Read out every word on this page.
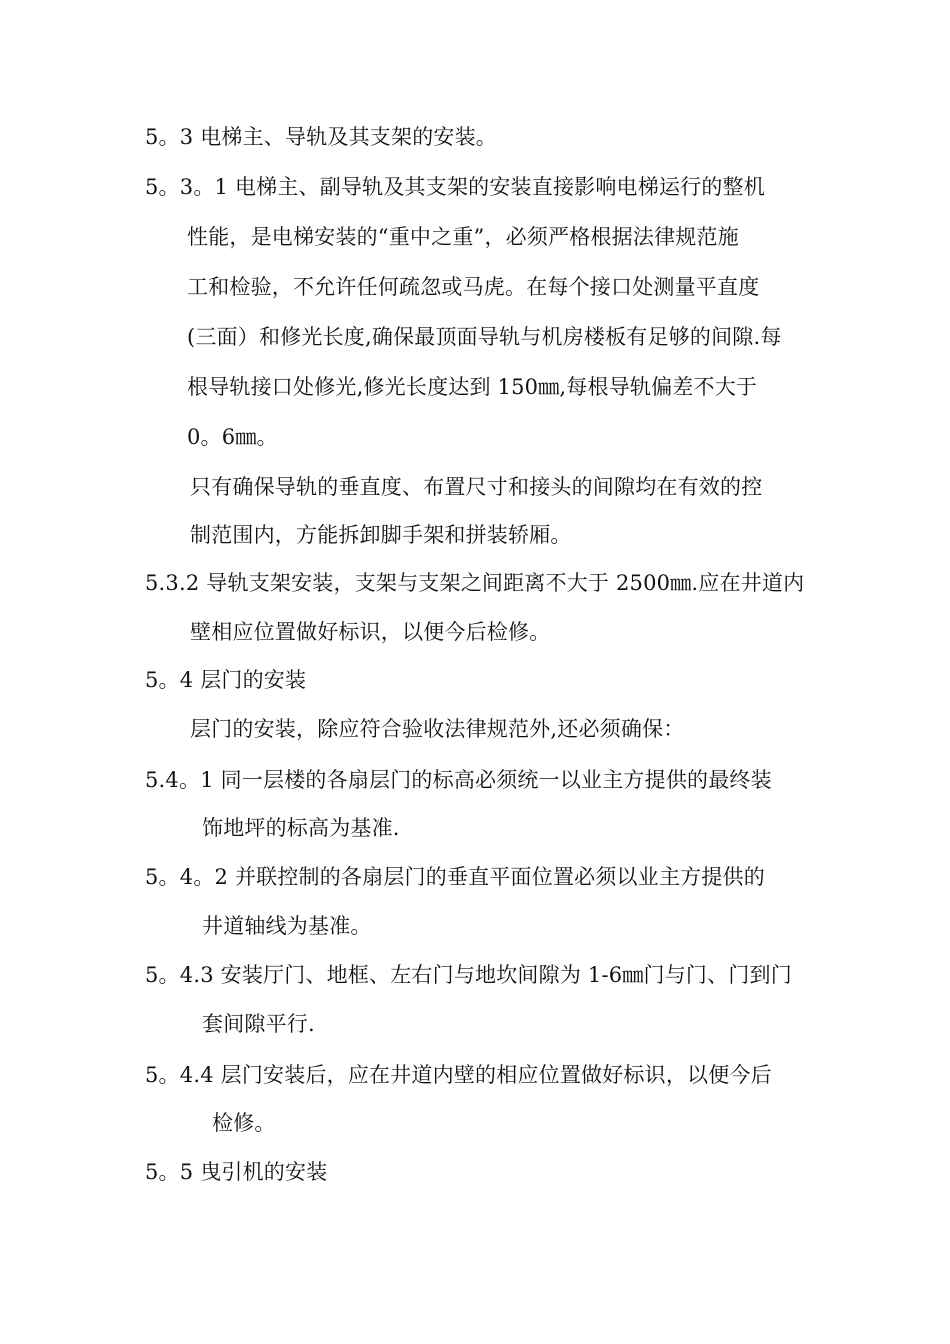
5。3 电梯主、导轨及其支架的安装。
5。3。1 电梯主、副导轨及其支架的安装直接影响电梯运行的整机
性能，是电梯安装的“重中之重”，必须严格根据法律规范施
工和检验，不允许任何疏忽或马虎。在每个接口处测量平直度
(三面）和修光长度,确保最顶面导轨与机房楼板有足够的间隙.每
根导轨接口处修光,修光长度达到 150㎜,每根导轨偏差不大于
0。6㎜。
只有确保导轨的垂直度、布置尺寸和接头的间隙均在有效的控
制范围内，方能拆卸脚手架和拼装轿厢。
5.3.2 导轨支架安装，支架与支架之间距离不大于 2500㎜.应在井道内
壁相应位置做好标识，以便今后检修。
5。4 层门的安装
层门的安装，除应符合验收法律规范外,还必须确保：
5.4。1 同一层楼的各扇层门的标高必须统一以业主方提供的最终装
饰地坪的标高为基准.
5。4。2 并联控制的各扇层门的垂直平面位置必须以业主方提供的
井道轴线为基准。
5。4.3 安装厅门、地框、左右门与地坎间隙为 1-6㎜门与门、门到门
套间隙平行.
5。4.4 层门安装后，应在井道内壁的相应位置做好标识，以便今后
检修。
5。5 曳引机的安装
